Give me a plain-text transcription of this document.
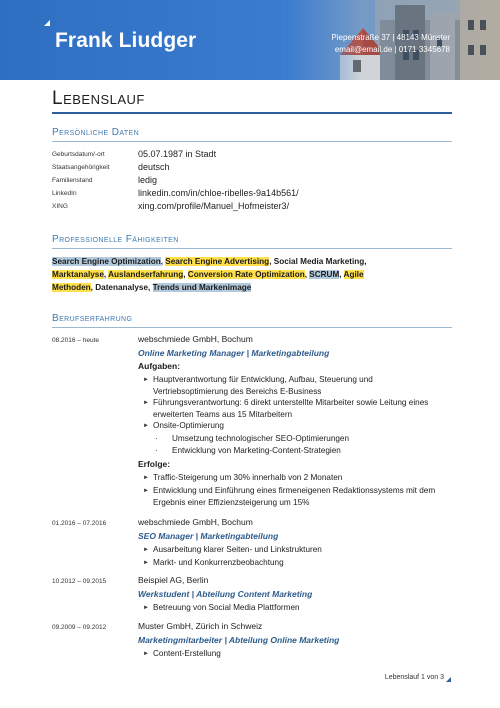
Frank Liudger	Piepenstraße 37 | 48143 Münster
email@email.de | 0171 3345678
Lebenslauf
Persönliche Daten
Geburtsdatum/-ort	05.07.1987 in Stadt
Staatsangehörigkeit	deutsch
Familienstand	ledig
LinkedIn	linkedin.com/in/chloe-ribelles-9a14b561/
XING	xing.com/profile/Manuel_Hofmeister3/
Professionelle Fähigkeiten
Search Engine Optimization, Search Engine Advertising, Social Media Marketing, Marktanalyse, Auslandserfahrung, Conversion Rate Optimization, SCRUM, Agile Methoden, Datenanalyse, Trends und Markenimage
Berufserfahrung
08.2016 – heute	webschmiede GmbH, Bochum
Online Marketing Manager | Marketingabteilung
Aufgaben:
► Hauptverantwortung für Entwicklung, Aufbau, Steuerung und Vertriebsoptimierung des Bereichs E-Business
► Führungsverantwortung: 6 direkt unterstellte Mitarbeiter sowie Leitung eines erweiterten Teams aus 15 Mitarbeitern
► Onsite-Optimierung
· Umsetzung technologischer SEO-Optimierungen
· Entwicklung von Marketing-Content-Strategien
Erfolge:
► Traffic-Steigerung um 30% innerhalb von 2 Monaten
► Entwicklung und Einführung eines firmeneigenen Redaktionssystems mit dem Ergebnis einer Effizienzsteigerung um 15%
01.2016 – 07.2016	webschmiede GmbH, Bochum
SEO Manager | Marketingabteilung
► Ausarbeitung klarer Seiten- und Linkstrukturen
► Markt- und Konkurrenzbeobachtung
10.2012 – 09.2015	Beispiel AG, Berlin
Werkstudent | Abteilung Content Marketing
► Betreuung von Social Media Plattformen
09.2009 – 09.2012	Muster GmbH, Zürich in Schweiz
Marketingmitarbeiter | Abteilung Online Marketing
► Content-Erstellung
Lebenslauf 1 von 3
